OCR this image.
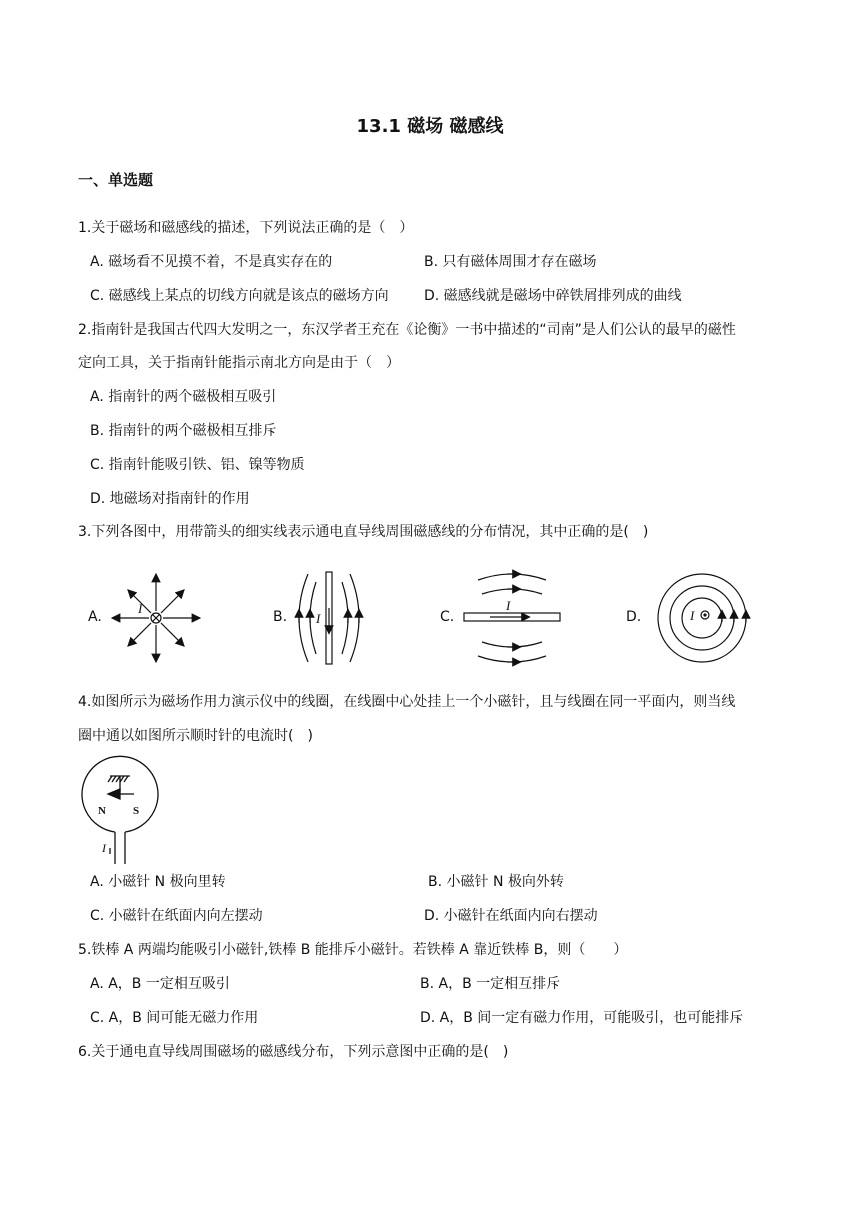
13.1 磁场 磁感线
一、单选题
1.关于磁场和磁感线的描述，下列说法正确的是（　）
A. 磁场看不见摸不着，不是真实存在的	B. 只有磁体周围才存在磁场
C. 磁感线上某点的切线方向就是该点的磁场方向	D. 磁感线就是磁场中碎铁屑排列成的曲线
2.指南针是我国古代四大发明之一，东汉学者王充在《论衡》一书中描述的“司南”是人们公认的最早的磁性
定向工具，关于指南针能指示南北方向是由于（　）
A. 指南针的两个磁极相互吸引
B. 指南针的两个磁极相互排斥
C. 指南针能吸引铁、铝、镍等物质
D. 地磁场对指南针的作用
3.下列各图中，用带箭头的细实线表示通电直导线周围磁感线的分布情况，其中正确的是(　)
A.
I
B. I	C.
I
D.	I
4.如图所示为磁场作用力演示仪中的线圈，在线圈中心处挂上一个小磁针，且与线圈在同一平面内，则当线
圈中通以如图所示顺时针的电流时(　)
N S
I
A. 小磁针 N 极向里转	B. 小磁针 N 极向外转
C. 小磁针在纸面内向左摆动	D. 小磁针在纸面内向右摆动
5.铁棒 A 两端均能吸引小磁针,铁棒 B 能排斥小磁针。若铁棒 A 靠近铁棒 B，则（　　）
A. A，B 一定相互吸引	B. A，B 一定相互排斥
C. A，B 间可能无磁力作用	D. A，B 间一定有磁力作用，可能吸引，也可能排斥
6.关于通电直导线周围磁场的磁感线分布，下列示意图中正确的是(　)
